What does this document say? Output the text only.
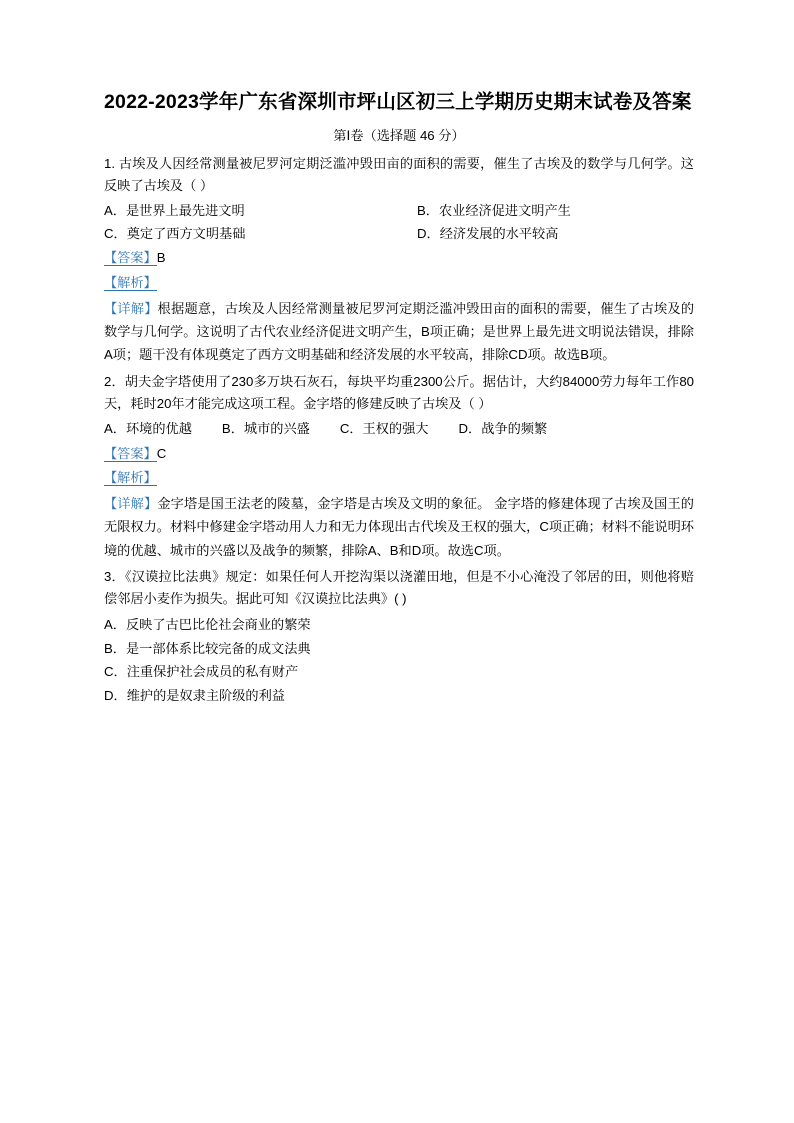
2022-2023学年广东省深圳市坪山区初三上学期历史期末试卷及答案
第Ⅰ卷（选择题 46 分）
1. 古埃及人因经常测量被尼罗河定期泛滥冲毁田亩的面积的需要，催生了古埃及的数学与几何学。这反映了古埃及（ ）
A．是世界上最先进文明	B．农业经济促进文明产生
C．奠定了西方文明基础	D．经济发展的水平较高
【答案】B
【解析】
【详解】根据题意，古埃及人因经常测量被尼罗河定期泛滥冲毁田亩的面积的需要，催生了古埃及的数学与几何学。这说明了古代农业经济促进文明产生，B项正确；是世界上最先进文明说法错误，排除A项；题干没有体现奠定了西方文明基础和经济发展的水平较高，排除CD项。故选B项。
2．胡夫金字塔使用了230多万块石灰石，每块平均重2300公斤。据估计，大约84000劳力每年工作80天，耗时20年才能完成这项工程。金字塔的修建反映了古埃及（ ）
A．环境的优越 B．城市的兴盛 C．王权的强大 D．战争的频繁
【答案】C
【解析】
【详解】金字塔是国王法老的陵墓，金字塔是古埃及文明的象征。 金字塔的修建体现了古埃及国王的无限权力。材料中修建金字塔动用人力和无力体现出古代埃及王权的强大，C项正确；材料不能说明环境的优越、城市的兴盛以及战争的频繁，排除A、B和D项。故选C项。
3．《汉谟拉比法典》规定：如果任何人开挖沟渠以浇灌田地，但是不小心淹没了邻居的田，则他将赔偿邻居小麦作为损失。据此可知《汉谟拉比法典》( )
A．反映了古巴比伦社会商业的繁荣
B．是一部体系比较完备的成文法典
C．注重保护社会成员的私有财产
D．维护的是奴隶主阶级的利益
